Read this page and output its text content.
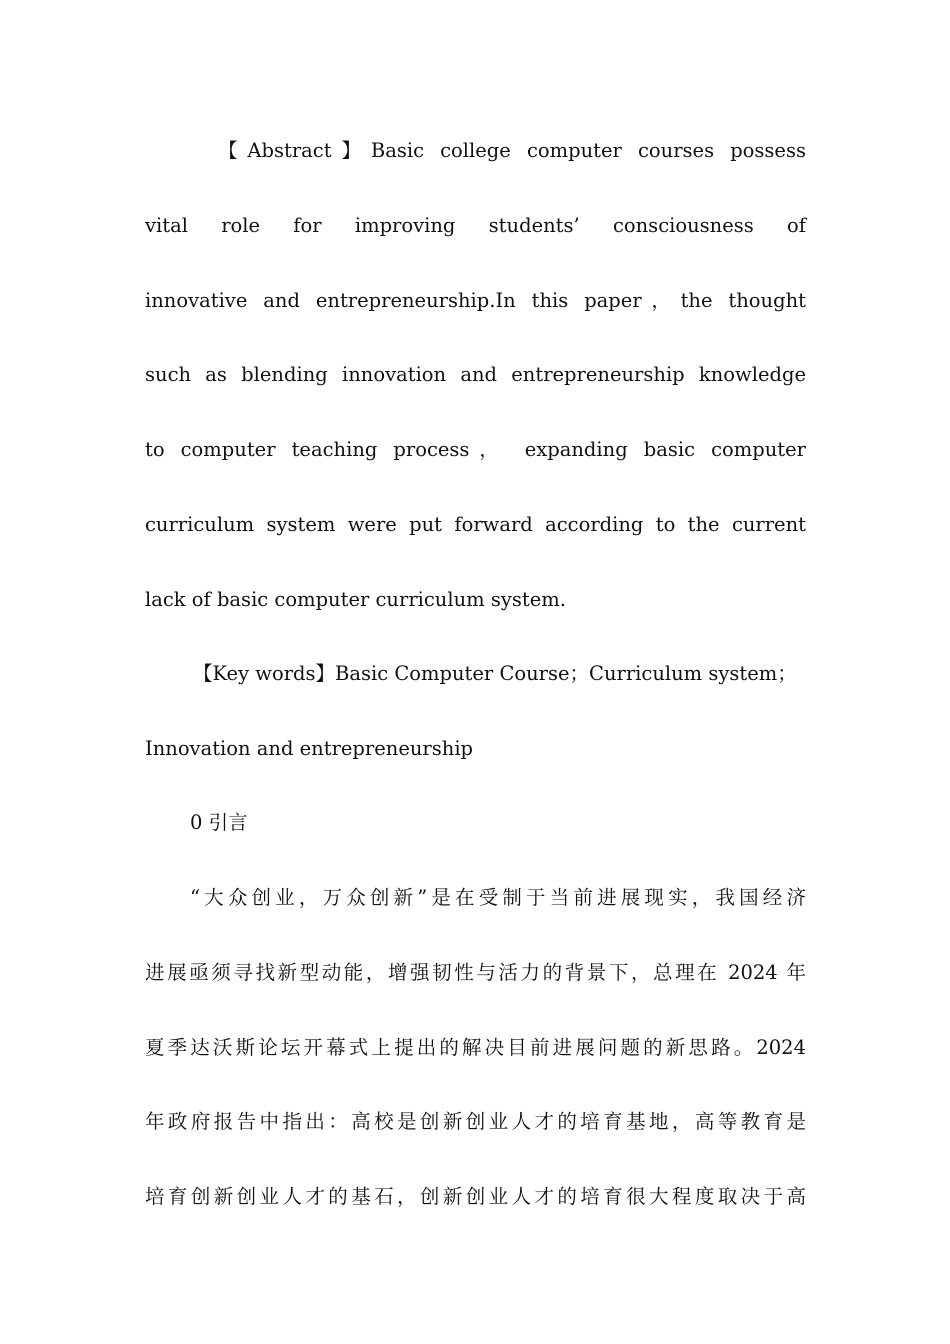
【Abstract】Basic college computer courses possess
vital role for improving students’ consciousness of
innovative and entrepreneurship.In this paper，the thought
such as blending innovation and entrepreneurship knowledge
to computer teaching process， expanding basic computer
curriculum system were put forward according to the current
lack of basic computer curriculum system.
【Key words】Basic Computer Course；Curriculum system；
Innovation and entrepreneurship
0 引言
“大众创业，万众创新”是在受制于当前进展现实，我国经济
进展亟须寻找新型动能，增强韧性与活力的背景下，总理在 2024 年
夏季达沃斯论坛开幕式上提出的解决目前进展问题的新思路。2024
年政府报告中指出：高校是创新创业人才的培育基地，高等教育是
培育创新创业人才的基石，创新创业人才的培育很大程度取决于高
